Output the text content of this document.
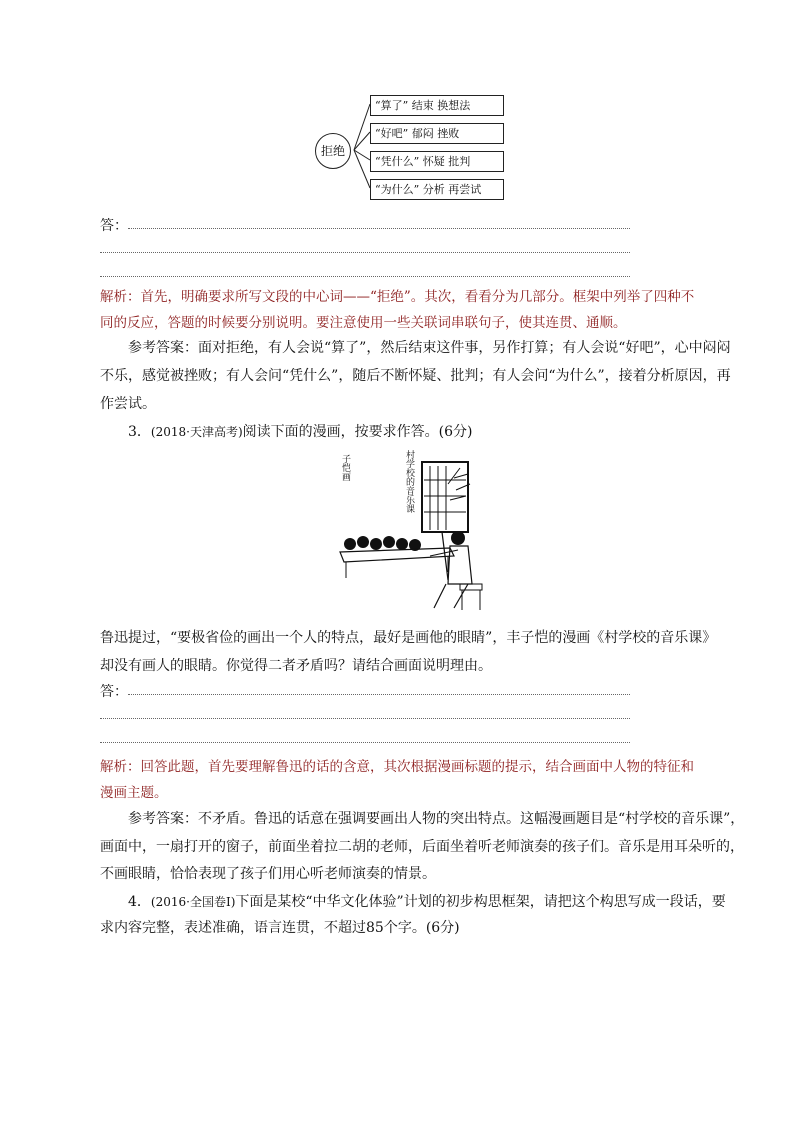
拒绝
“算了” 结束 换想法
“好吧” 郁闷 挫败
“凭什么” 怀疑 批判
“为什么” 分析 再尝试
答：
解析：首先，明确要求所写文段的中心词——“拒绝”。其次，看看分为几部分。框架中列举了四种不
同的反应，答题的时候要分别说明。要注意使用一些关联词串联句子，使其连贯、通顺。
参考答案：面对拒绝，有人会说“算了”，然后结束这件事，另作打算；有人会说“好吧”，心中闷闷
不乐，感觉被挫败；有人会问“凭什么”，随后不断怀疑、批判；有人会问“为什么”，接着分析原因，再
作尝试。
3．(2018·天津高考)阅读下面的漫画，按要求作答。(6分)
村学校的音乐课
子恺画
鲁迅提过，“要极省俭的画出一个人的特点，最好是画他的眼睛”，丰子恺的漫画《村学校的音乐课》
却没有画人的眼睛。你觉得二者矛盾吗？请结合画面说明理由。
答：
解析：回答此题，首先要理解鲁迅的话的含意，其次根据漫画标题的提示，结合画面中人物的特征和
漫画主题。
参考答案：不矛盾。鲁迅的话意在强调要画出人物的突出特点。这幅漫画题目是“村学校的音乐课”，
画面中，一扇打开的窗子，前面坐着拉二胡的老师，后面坐着听老师演奏的孩子们。音乐是用耳朵听的，
不画眼睛，恰恰表现了孩子们用心听老师演奏的情景。
4．(2016·全国卷Ⅰ)下面是某校“中华文化体验”计划的初步构思框架，请把这个构思写成一段话，要
求内容完整，表述准确，语言连贯，不超过85个字。(6分)
